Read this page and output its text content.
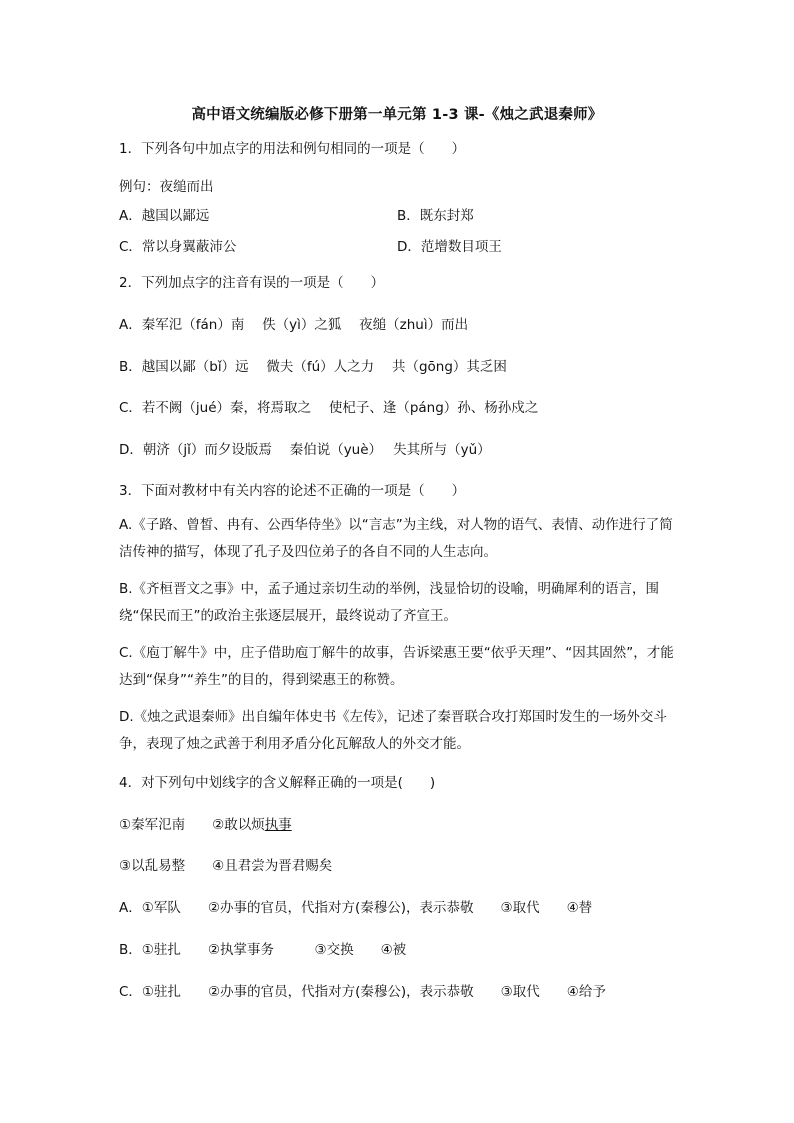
高中语文统编版必修下册第一单元第 1-3 课-《烛之武退秦师》
1．下列各句中加点字的用法和例句相同的一项是（　　）
例句：夜缒而出
A．越国以鄙远	B．既东封郑
C．常以身翼蔽沛公	D．范增数目项王
2．下列加点字的注音有误的一项是（　　）
A．秦军氾（fán）南　 佚（yì）之狐　 夜缒（zhuì）而出
B．越国以鄙（bǐ）远　 微夫（fú）人之力　 共（gōng）其乏困
C．若不阙（jué）秦，将焉取之　 使杞子、逢（páng）孙、杨孙戍之
D．朝济（jǐ）而夕设版焉　 秦伯说（yuè）　 失其所与（yǔ）
3．下面对教材中有关内容的论述不正确的一项是（　　）
A.《子路、曾皙、冉有、公西华侍坐》以“言志”为主线，对人物的语气、表情、动作进行了简洁传神的描写，体现了孔子及四位弟子的各自不同的人生志向。
B.《齐桓晋文之事》中，孟子通过亲切生动的举例，浅显恰切的设喻，明确犀利的语言，围绕“保民而王”的政治主张逐层展开，最终说动了齐宣王。
C.《庖丁解牛》中，庄子借助庖丁解牛的故事，告诉梁惠王要“依乎天理”、“因其固然”，才能达到“保身”“养生”的目的，得到梁惠王的称赞。
D.《烛之武退秦师》出自编年体史书《左传》，记述了秦晋联合攻打郑国时发生的一场外交斗争，表现了烛之武善于利用矛盾分化瓦解敌人的外交才能。
4．对下列句中划线字的含义解释正确的一项是(　　)
①秦军氾南　　②敢以烦执事
③以乱易整　　④且君尝为晋君赐矣
A．①军队　　②办事的官员，代指对方(秦穆公)，表示恭敬　　③取代　　④替
B．①驻扎　　②执掌事务　　　③交换　　④被
C．①驻扎　　②办事的官员，代指对方(秦穆公)，表示恭敬　　③取代　　④给予
